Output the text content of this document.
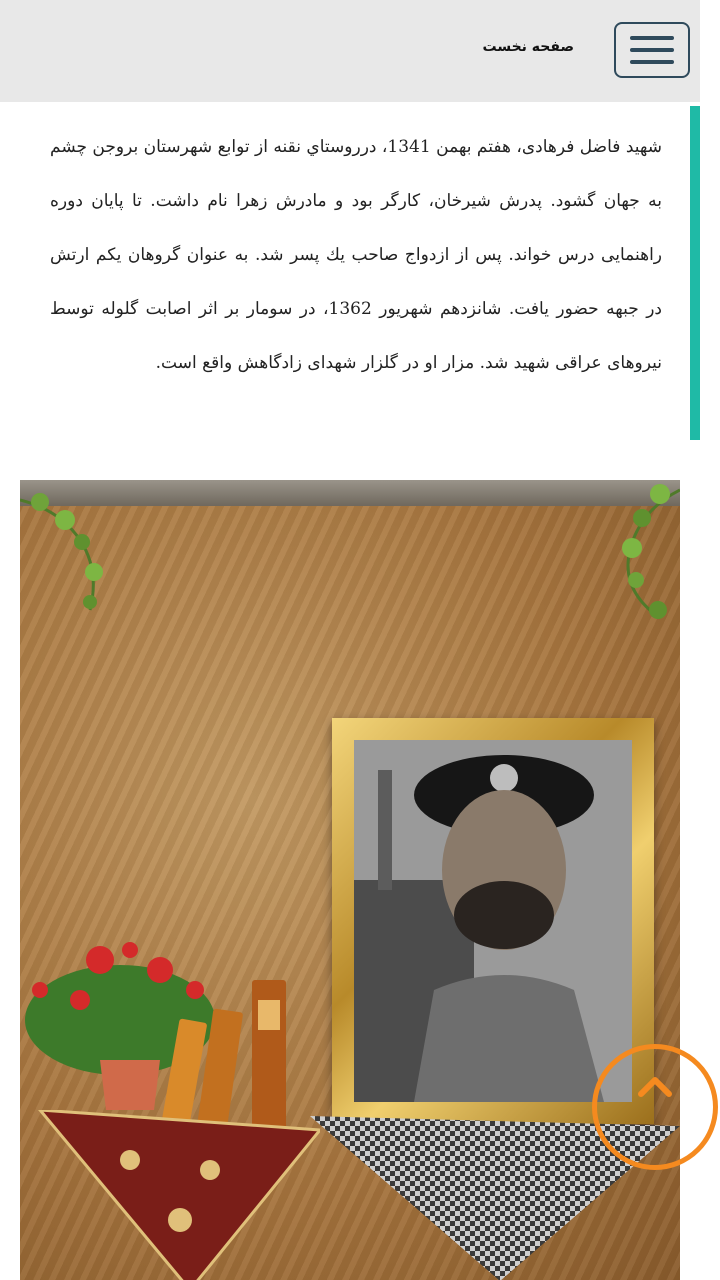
صفحه نخست

شهید فاضل فرهادی، هفتم بهمن 1341، درروستاي نقنه از توابع شهرستان بروجن چشم به جهان گشود. پدرش شیرخان، کارگر بود و مادرش زهرا نام داشت. تا پایان دوره راهنمایی درس خواند. پس از ازدواج صاحب يك پسر شد. به عنوان گروهان یکم ارتش در جبهه حضور یافت. شانزدهم شهریور 1362، در سومار بر اثر اصابت گلوله توسط نیروهای عراقی شهید شد. مزار او در گلزار شهدای زادگاهش واقع است.
